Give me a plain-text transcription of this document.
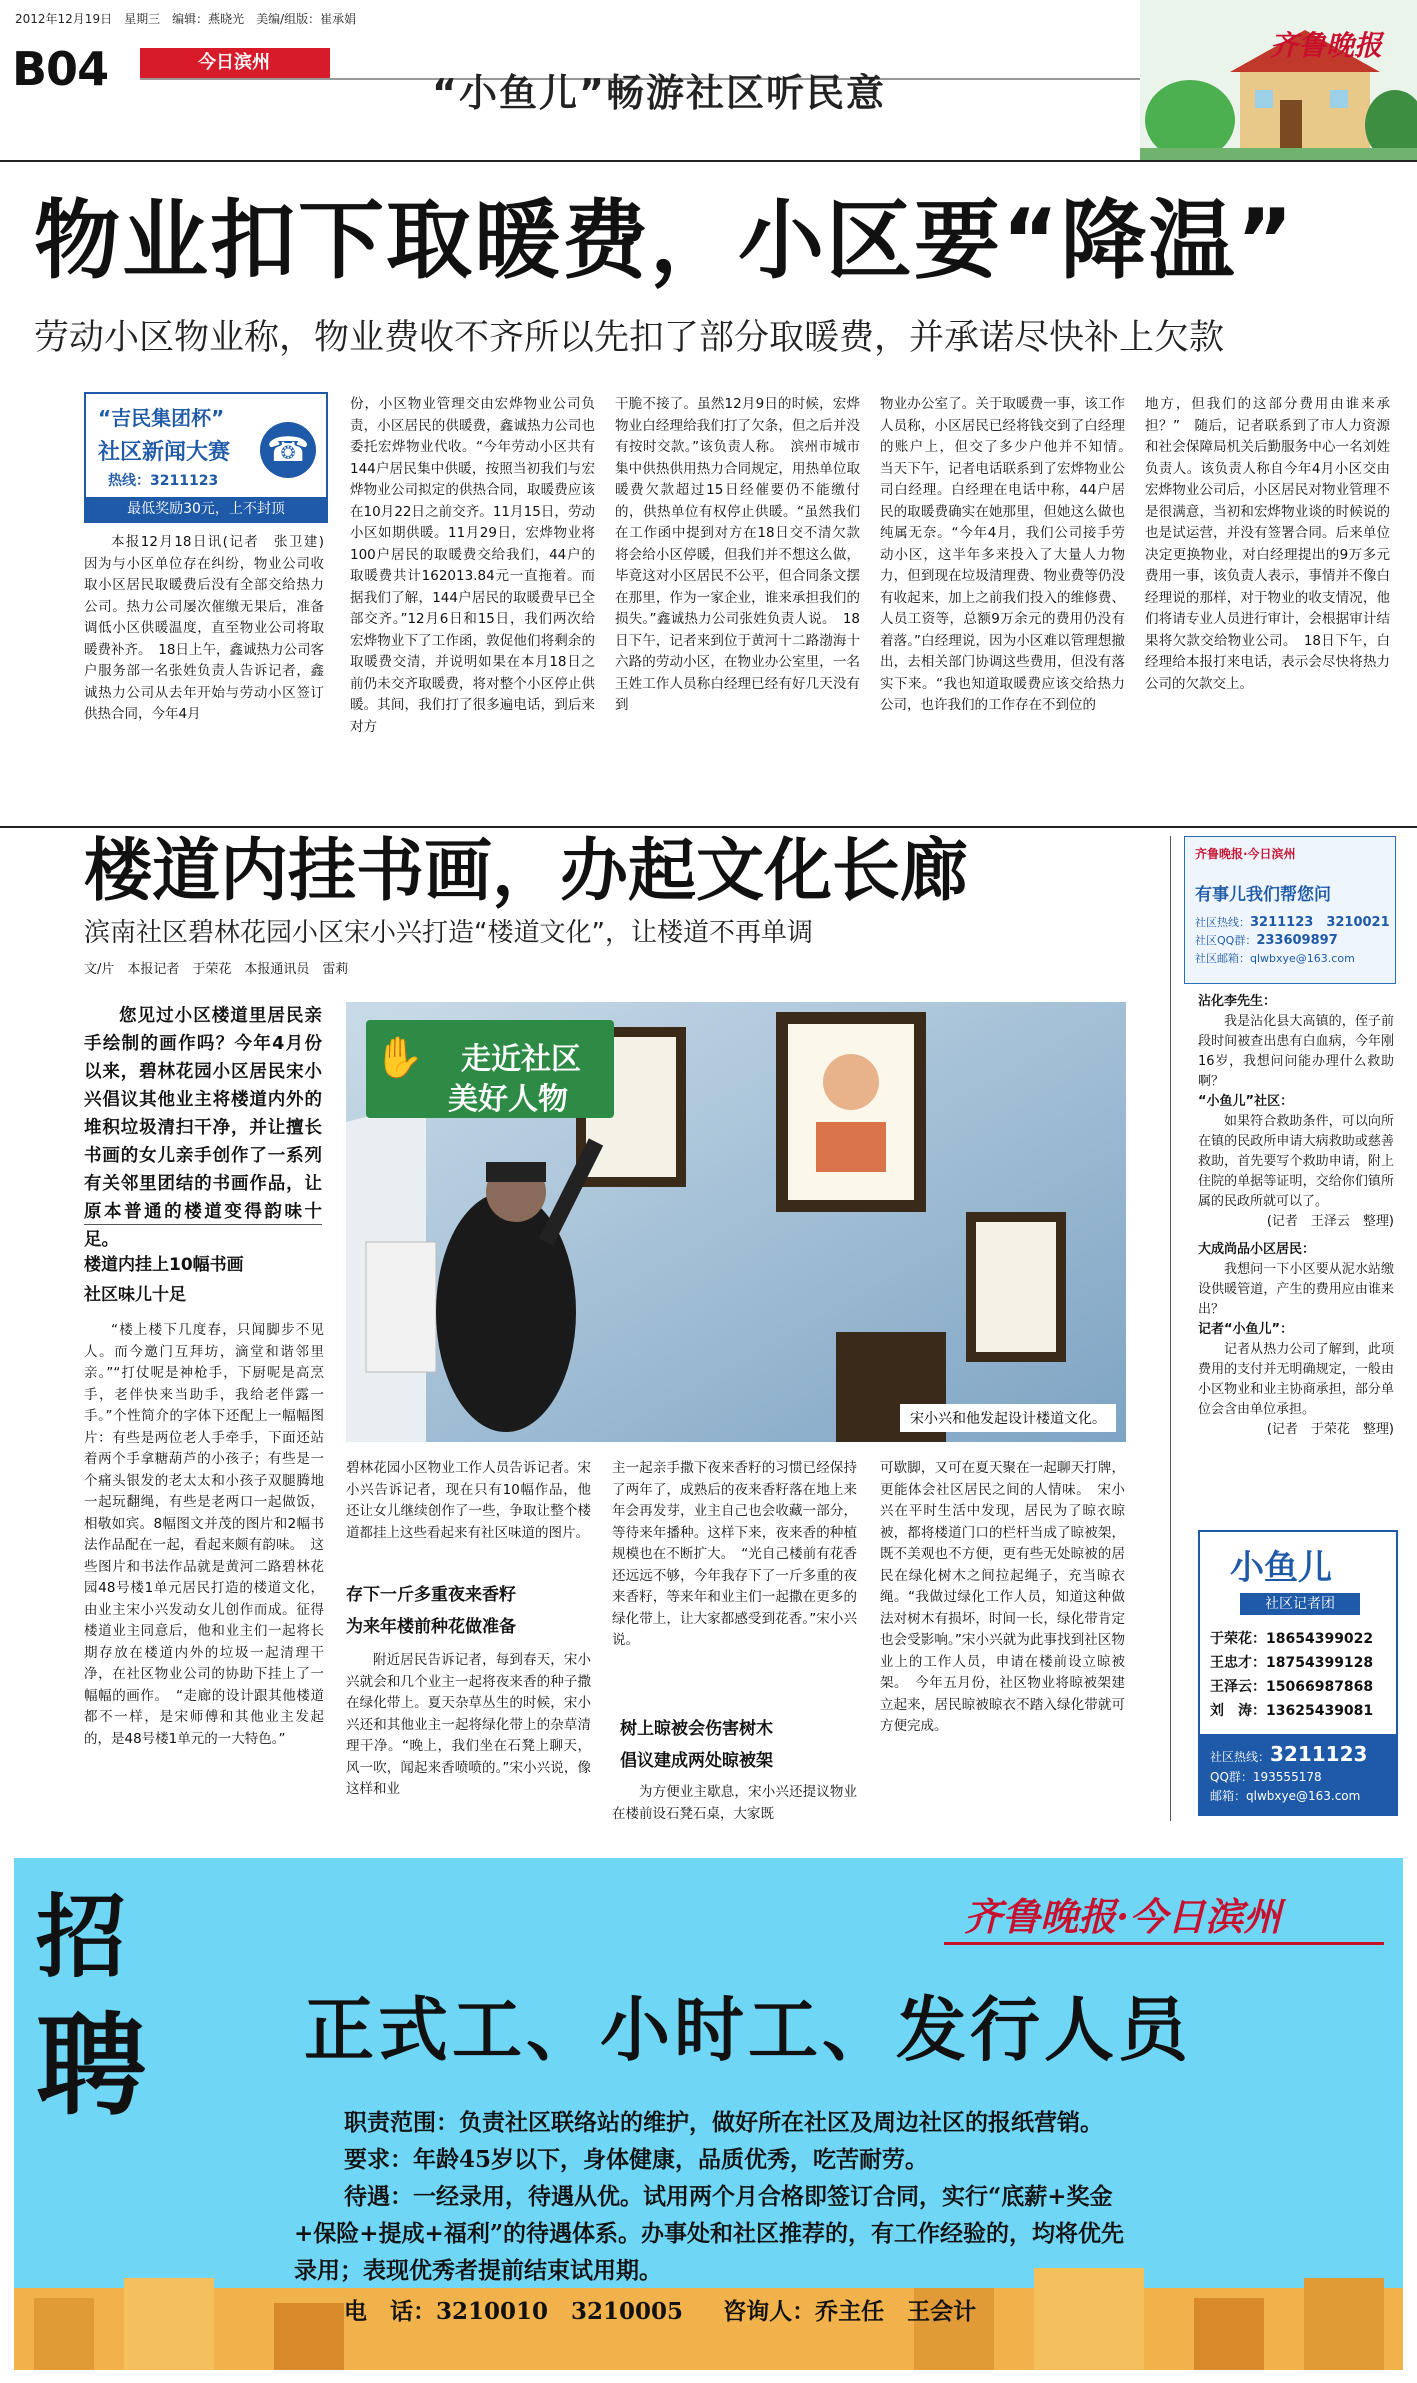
2012年12月19日　星期三　编辑：燕晓光　美编/组版：崔承娟
B04	今日滨州
“小鱼儿”畅游社区听民意
齐鲁晚报
物业扣下取暖费，小区要“降温”
劳动小区物业称，物业费收不齐所以先扣了部分取暖费，并承诺尽快补上欠款
“吉民集团杯”
社区新闻大赛
热线：3211123
☎
最低奖励30元，上不封顶

本报12月18日讯(记者　张卫建)　因为与小区单位存在纠纷，物业公司收取小区居民取暖费后没有全部交给热力公司。热力公司屡次催缴无果后，准备调低小区供暖温度，直至物业公司将取暖费补齐。　18日上午，鑫诚热力公司客户服务部一名张姓负责人告诉记者，鑫诚热力公司从去年开始与劳动小区签订供热合同，今年4月

份，小区物业管理交由宏烨物业公司负责，小区居民的供暖费，鑫诚热力公司也委托宏烨物业代收。“今年劳动小区共有144户居民集中供暖，按照当初我们与宏烨物业公司拟定的供热合同，取暖费应该在10月22日之前交齐。11月15日，劳动小区如期供暖。11月29日，宏烨物业将100户居民的取暖费交给我们，44户的取暖费共计162013.84元一直拖着。而据我们了解，144户居民的取暖费早已全部交齐。”12月6日和15日，我们两次给宏烨物业下了工作函，敦促他们将剩余的取暖费交清，并说明如果在本月18日之前仍未交齐取暖费，将对整个小区停止供暖。其间，我们打了很多遍电话，到后来对方

干脆不接了。虽然12月9日的时候，宏烨物业白经理给我们打了欠条，但之后并没有按时交款。”该负责人称。　滨州市城市集中供热供用热力合同规定，用热单位取暖费欠款超过15日经催要仍不能缴付的，供热单位有权停止供暖。“虽然我们在工作函中提到对方在18日交不清欠款将会给小区停暖，但我们并不想这么做，毕竟这对小区居民不公平，但合同条文摆在那里，作为一家企业，谁来承担我们的损失。”鑫诚热力公司张姓负责人说。　18日下午，记者来到位于黄河十二路渤海十六路的劳动小区，在物业办公室里，一名王姓工作人员称白经理已经有好几天没有到

物业办公室了。关于取暖费一事，该工作人员称，小区居民已经将钱交到了白经理的账户上，但交了多少户他并不知情。　当天下午，记者电话联系到了宏烨物业公司白经理。白经理在电话中称，44户居民的取暖费确实在她那里，但她这么做也纯属无奈。“今年4月，我们公司接手劳动小区，这半年多来投入了大量人力物力，但到现在垃圾清理费、物业费等仍没有收起来，加上之前我们投入的维修费、人员工资等，总额9万余元的费用仍没有着落。”白经理说，因为小区难以管理想撤出，去相关部门协调这些费用，但没有落实下来。“我也知道取暖费应该交给热力公司，也许我们的工作存在不到位的

地方，但我们的这部分费用由谁来承担？”　随后，记者联系到了市人力资源和社会保障局机关后勤服务中心一名刘姓负责人。该负责人称自今年4月小区交由宏烨物业公司后，小区居民对物业管理不是很满意，当初和宏烨物业谈的时候说的也是试运营，并没有签署合同。后来单位决定更换物业，对白经理提出的9万多元费用一事，该负责人表示，事情并不像白经理说的那样，对于物业的收支情况，他们将请专业人员进行审计，会根据审计结果将欠款交给物业公司。　18日下午，白经理给本报打来电话，表示会尽快将热力公司的欠款交上。

楼道内挂书画，办起文化长廊
滨南社区碧林花园小区宋小兴打造“楼道文化”，让楼道不再单调
文/片　本报记者　于荣花　本报通讯员　雷莉

您见过小区楼道里居民亲手绘制的画作吗？今年4月份以来，碧林花园小区居民宋小兴倡议其他业主将楼道内外的堆积垃圾清扫干净，并让擅长书画的女儿亲手创作了一系列有关邻里团结的书画作品，让原本普通的楼道变得韵味十足。

楼道内挂上10幅书画
社区味儿十足

“楼上楼下几度春，只闻脚步不见人。而今邀门互拜坊，滴堂和谐邻里亲。”“打仗呢是神枪手，下厨呢是高烹手，老伴快来当助手，我给老伴露一手。”个性简介的字体下还配上一幅幅图片：有些是两位老人手牵手，下面还站着两个手拿糖葫芦的小孩子；有些是一个痛头银发的老太太和小孩子双腿腾地一起玩翻绳，有些是老两口一起做饭，相敬如宾。8幅图文并茂的图片和2幅书法作品配在一起，看起来颇有韵味。　这些图片和书法作品就是黄河二路碧林花园48号楼1单元居民打造的楼道文化，由业主宋小兴发动女儿创作而成。征得楼道业主同意后，他和业主们一起将长期存放在楼道内外的垃圾一起清理干净，在社区物业公司的协助下挂上了一幅幅的画作。　“走廊的设计跟其他楼道都不一样，是宋师傅和其他业主发起的，是48号楼1单元的一大特色。”

✋ 走近社区
美好人物
宋小兴和他发起设计楼道文化。

碧林花园小区物业工作人员告诉记者。宋小兴告诉记者，现在只有10幅作品，他还让女儿继续创作了一些，争取让整个楼道都挂上这些看起来有社区味道的图片。

存下一斤多重夜来香籽
为来年楼前种花做准备

附近居民告诉记者，每到春天，宋小兴就会和几个业主一起将夜来香的种子撒在绿化带上。夏天杂草丛生的时候，宋小兴还和其他业主一起将绿化带上的杂草清理干净。“晚上，我们坐在石凳上聊天，风一吹，闻起来香喷喷的。”宋小兴说，像这样和业

主一起亲手撒下夜来香籽的习惯已经保持了两年了，成熟后的夜来香籽落在地上来年会再发芽，业主自己也会收藏一部分，等待来年播种。这样下来，夜来香的种植规模也在不断扩大。　“光自己楼前有花香还远远不够，今年我存下了一斤多重的夜来香籽，等来年和业主们一起撒在更多的绿化带上，让大家都感受到花香。”宋小兴说。

树上晾被会伤害树木
倡议建成两处晾被架

为方便业主歇息，宋小兴还提议物业在楼前设石凳石桌，大家既

可歇脚，又可在夏天聚在一起聊天打牌，更能体会社区居民之间的人情味。　宋小兴在平时生活中发现，居民为了晾衣晾被，都将楼道门口的栏杆当成了晾被架，既不美观也不方便，更有些无处晾被的居民在绿化树木之间拉起绳子，充当晾衣绳。“我做过绿化工作人员，知道这种做法对树木有损坏，时间一长，绿化带肯定也会受影响。”宋小兴就为此事找到社区物业上的工作人员，申请在楼前设立晾被架。　今年五月份，社区物业将晾被架建立起来，居民晾被晾衣不踏入绿化带就可方便完成。

齐鲁晚报·今日滨州
有事儿我们帮您问
社区热线：3211123　3210021
社区QQ群：233609897
社区邮箱：qlwbxye@163.com
沾化李先生：
我是沾化县大高镇的，侄子前段时间被查出患有白血病，今年刚16岁，我想问问能办理什么救助啊？
“小鱼儿”社区：
如果符合救助条件，可以向所在镇的民政所申请大病救助或慈善救助，首先要写个救助申请，附上住院的单据等证明，交给你们镇所属的民政所就可以了。
(记者　王泽云　整理)
大成尚品小区居民：
我想问一下小区要从泥水站缴设供暖管道，产生的费用应由谁来出？
记者“小鱼儿”：
记者从热力公司了解到，此项费用的支付并无明确规定，一般由小区物业和业主协商承担，部分单位会含由单位承担。
(记者　于荣花　整理)
小鱼儿
社区记者团
于荣花：18654399022
王忠才：18754399128
王泽云：15066987868
刘　涛：13625439081
社区热线：3211123
QQ群：193555178
邮箱：qlwbxye@163.com
招
聘
齐鲁晚报·今日滨州
正式工、小时工、发行人员
职责范围：负责社区联络站的维护，做好所在社区及周边社区的报纸营销。
要求：年龄45岁以下，身体健康，品质优秀，吃苦耐劳。
待遇：一经录用，待遇从优。试用两个月合格即签订合同，实行“底薪+奖金
+保险+提成+福利”的待遇体系。办事处和社区推荐的，有工作经验的，均将优先
录用；表现优秀者提前结束试用期。
电　话：3210010　3210005 咨询人：乔主任　王会计
